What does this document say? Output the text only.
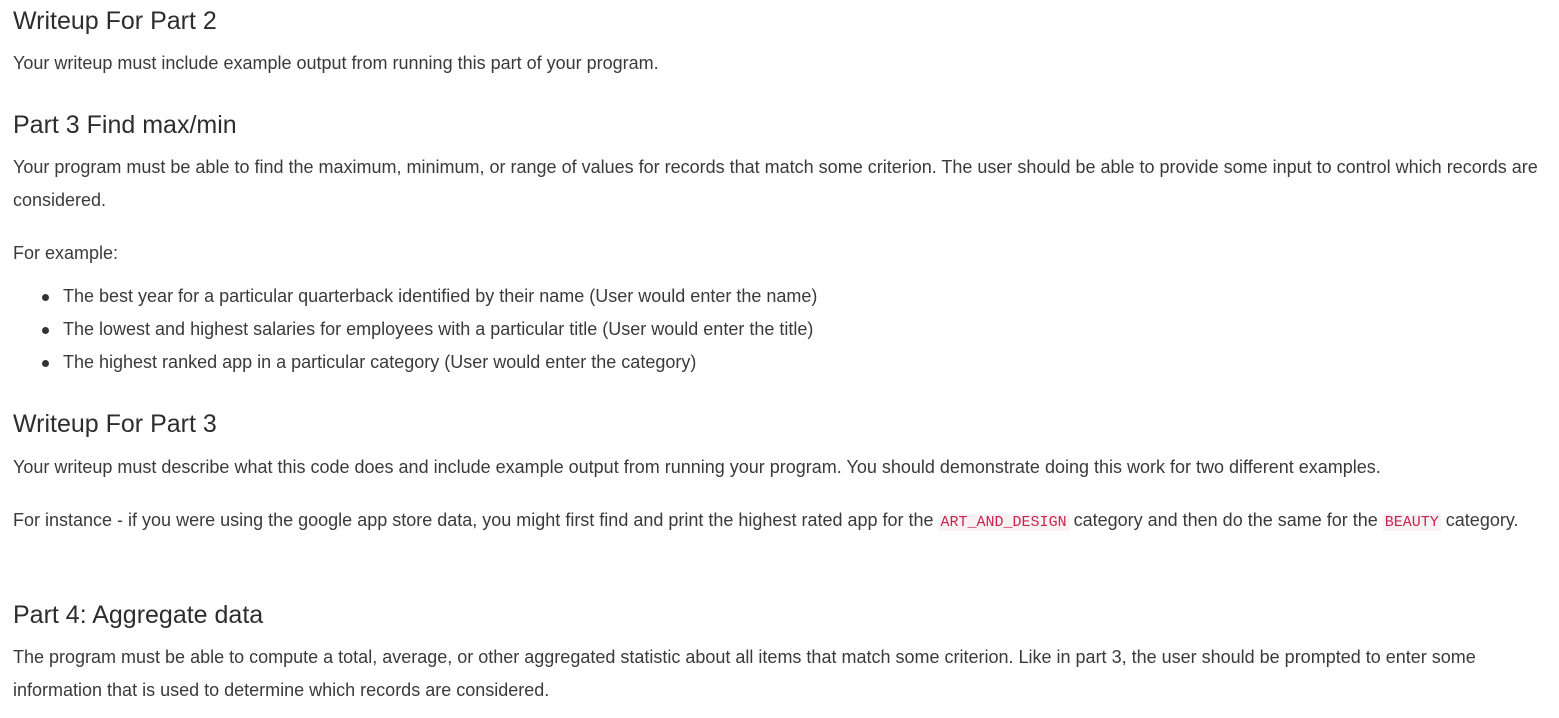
Writeup For Part 2

Your writeup must include example output from running this part of your program.

Part 3 Find max/min

Your program must be able to find the maximum, minimum, or range of values for records that match some criterion. The user should be able to provide some input to control which records are considered.

For example:

The best year for a particular quarterback identified by their name (User would enter the name)
The lowest and highest salaries for employees with a particular title (User would enter the title)
The highest ranked app in a particular category (User would enter the category)
Writeup For Part 3

Your writeup must describe what this code does and include example output from running your program. You should demonstrate doing this work for two different examples.

For instance - if you were using the google app store data, you might first find and print the highest rated app for the ART_AND_DESIGN category and then do the same for the BEAUTY category.

Part 4: Aggregate data

The program must be able to compute a total, average, or other aggregated statistic about all items that match some criterion. Like in part 3, the user should be prompted to enter some information that is used to determine which records are considered.
